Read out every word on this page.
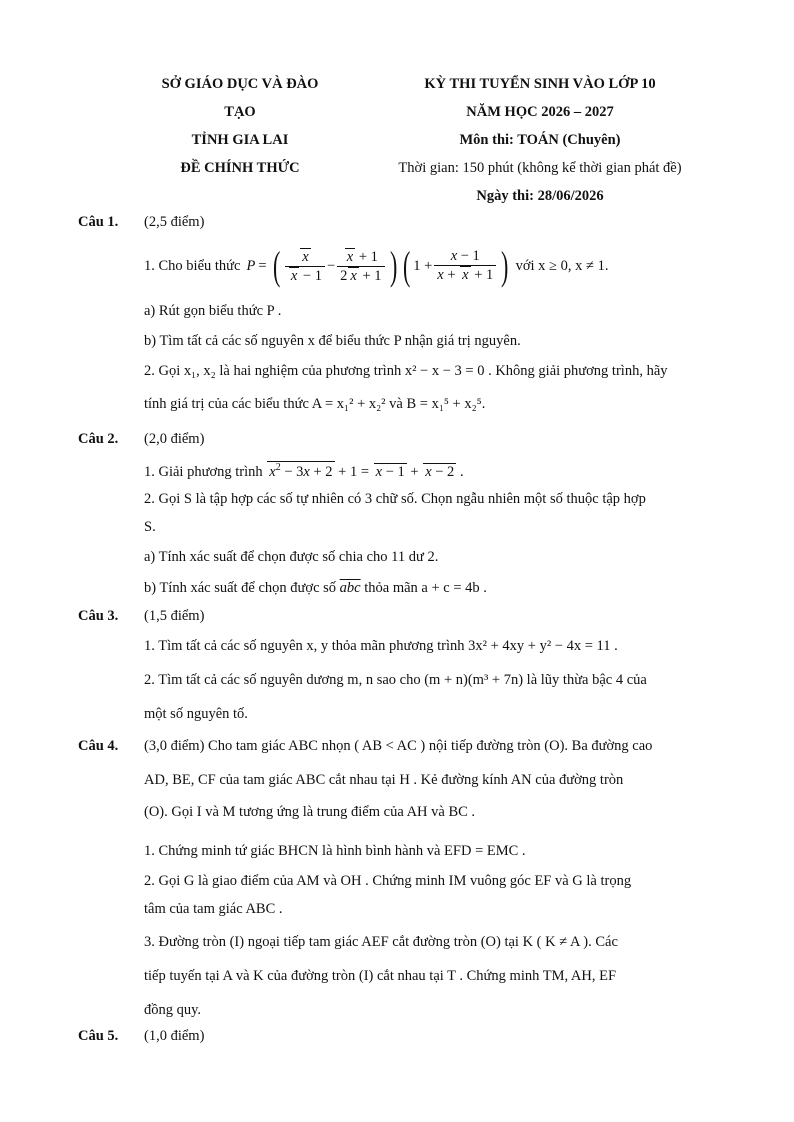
SỞ GIÁO DỤC VÀ ĐÀO
TẠO
TỈNH GIA LAI
ĐỀ CHÍNH THỨC
KỲ THI TUYỂN SINH VÀO LỚP 10
NĂM HỌC 2026 – 2027
Môn thi: TOÁN (Chuyên)
Thời gian: 150 phút (không kể thời gian phát đề)
Ngày thi: 28/06/2026
Câu 1. (2,5 điểm)
1. Cho biểu thức P = ( $\frac{x}{x - 1} - \frac{x + 1}{2 x + 1}$ ) ( $1 + \frac{x - 1}{x + x + 1}$ ) với x ≥ 0, x ≠ 1.
a) Rút gọn biểu thức P .
b) Tìm tất cả các số nguyên x để biểu thức P nhận giá trị nguyên.
2. Gọi x₁, x₂ là hai nghiệm của phương trình x² − x − 3 = 0 . Không giải phương trình, hãy
tính giá trị của các biểu thức A = x₁² + x₂² và B = x₁⁵ + x₂⁵.
Câu 2. (2,0 điểm)
1. Giải phương trình $x^2 - 3x + 2 + 1 = x - 1 + x - 2$ .
2. Gọi S là tập hợp các số tự nhiên có 3 chữ số. Chọn ngẫu nhiên một số thuộc tập hợp
S.
a) Tính xác suất để chọn được số chia cho 11 dư 2.
b) Tính xác suất để chọn được số $\overline{abc}$ thỏa mãn a + c = 4b .
Câu 3. (1,5 điểm)
1. Tìm tất cả các số nguyên x, y thỏa mãn phương trình 3x² + 4xy + y² − 4x = 11 .
2. Tìm tất cả các số nguyên dương m, n sao cho (m + n)(m³ + 7n) là lũy thừa bậc 4 của
một số nguyên tố.
Câu 4. (3,0 điểm) Cho tam giác ABC nhọn ( AB < AC ) nội tiếp đường tròn (O). Ba đường cao
AD, BE, CF của tam giác ABC cắt nhau tại H . Kẻ đường kính AN của đường tròn
(O). Gọi I và M tương ứng là trung điểm của AH và BC .
1. Chứng minh tứ giác BHCN là hình bình hành và EFD = EMC .
2. Gọi G là giao điểm của AM và OH . Chứng minh IM vuông góc EF và G là trọng
tâm của tam giác ABC .
3. Đường tròn (I) ngoại tiếp tam giác AEF cắt đường tròn (O) tại K ( K ≠ A ). Các
tiếp tuyến tại A và K của đường tròn (I) cắt nhau tại T . Chứng minh TM, AH, EF
đồng quy.
Câu 5. (1,0 điểm)
